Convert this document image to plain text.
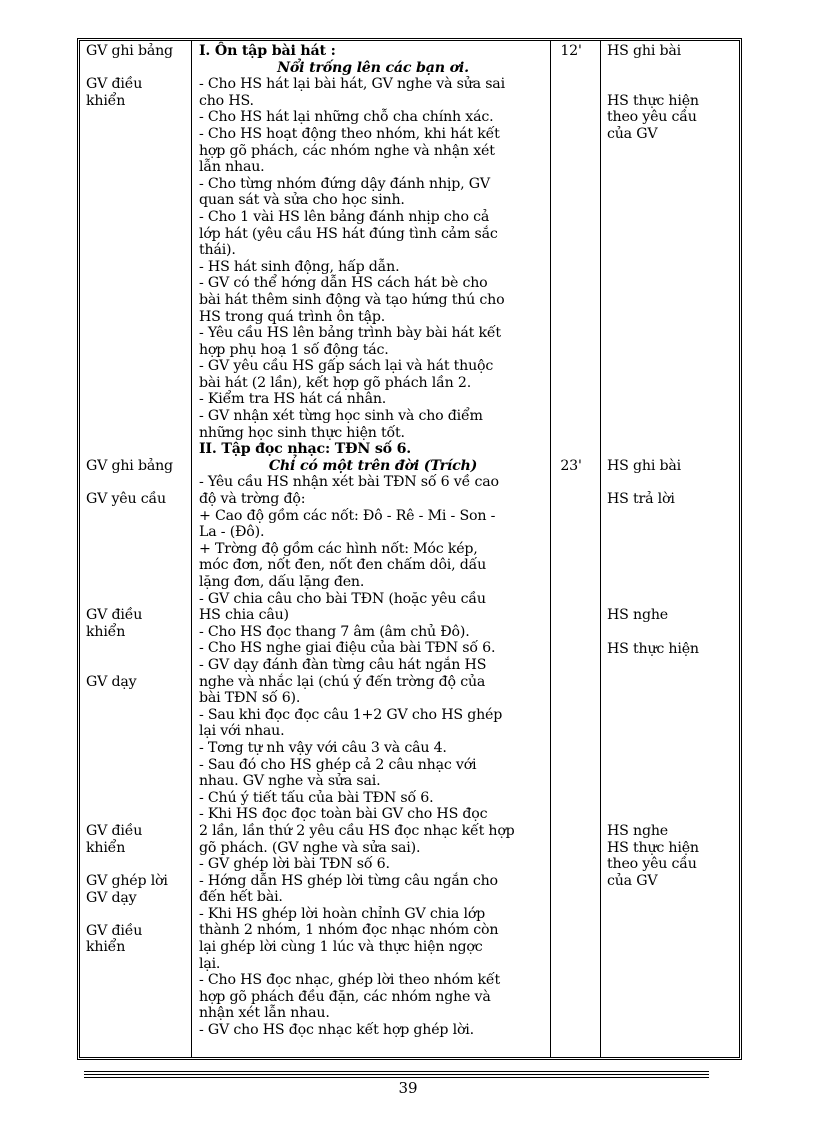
GV ghi bảng
GV điều
khiển
GV ghi bảng
GV yêu cầu
GV điều
khiển
GV dạy
GV điều
khiển
GV ghép lời
GV dạy
GV điều
khiển
I. Ôn tập bài hát :
Nổi trống lên các bạn ơi.
- Cho HS hát lại bài hát, GV nghe và sửa sai
cho HS.
- Cho HS hát lại những chỗ cha chính xác.
- Cho HS hoạt động theo nhóm, khi hát kết
hợp gõ phách, các nhóm nghe và nhận xét
lẫn nhau.
- Cho từng nhóm đứng dậy đánh nhịp, GV
quan sát và sửa cho học sinh.
- Cho 1 vài HS lên bảng đánh nhịp cho cả
lớp hát (yêu cầu HS hát đúng tình cảm sắc
thái).
- HS hát sinh động, hấp dẫn.
- GV có thể hớng dẫn HS cách hát bè cho
bài hát thêm sinh động và tạo hứng thú cho
HS trong quá trình ôn tập.
- Yêu cầu HS lên bảng trình bày bài hát kết
hợp phụ hoạ 1 số động tác.
- GV yêu cầu HS gấp sách lại và hát thuộc
bài hát (2 lần), kết hợp gõ phách lần 2.
- Kiểm tra HS hát cá nhân.
- GV nhận xét từng học sinh và cho điểm
những học sinh thực hiện tốt.
II. Tập đọc nhạc: TĐN số 6.
Chỉ có một trên đời (Trích)
- Yêu cầu HS nhận xét bài TĐN số 6 về cao
độ và trờng độ:
+ Cao độ gồm các nốt: Đô - Rê - Mi - Son -
La - (Đô).
+ Trờng độ gồm các hình nốt: Móc kép,
móc đơn, nốt đen, nốt đen chấm dôi, dấu
lặng đơn, dấu lặng đen.
- GV chia câu cho bài TĐN (hoặc yêu cầu
HS chia câu)
- Cho HS đọc thang 7 âm (âm chủ Đô).
- Cho HS nghe giai điệu của bài TĐN số 6.
- GV dạy đánh đàn từng câu hát ngắn HS
nghe và nhắc lại (chú ý đến trờng độ của
bài TĐN số 6).
- Sau khi đọc đọc câu 1+2 GV cho HS ghép
lại với nhau.
- Tơng tự nh vậy với câu 3 và câu 4.
- Sau đó cho HS ghép cả 2 câu nhạc với
nhau. GV nghe và sửa sai.
- Chú ý tiết tấu của bài TĐN số 6.
- Khi HS đọc đọc toàn bài GV cho HS đọc
2 lần, lần thứ 2 yêu cầu HS đọc nhạc kết hợp
gõ phách. (GV nghe và sửa sai).
- GV ghép lời bài TĐN số 6.
- Hớng dẫn HS ghép lời từng câu ngắn cho
đến hết bài.
- Khi HS ghép lời hoàn chỉnh GV chia lớp
thành 2 nhóm, 1 nhóm đọc nhạc nhóm còn
lại ghép lời cùng 1 lúc và thực hiện ngợc
lại.
- Cho HS đọc nhạc, ghép lời theo nhóm kết
hợp gõ phách đều đặn, các nhóm nghe và
nhận xét lẫn nhau.
- GV cho HS đọc nhạc kết hợp ghép lời.
12'
23'
HS ghi bài
HS thực hiện
theo yêu cầu
của GV
HS ghi bài
HS trả lời
HS nghe
HS thực hiện
HS nghe
HS thực hiện
theo yêu cầu
của GV
39
